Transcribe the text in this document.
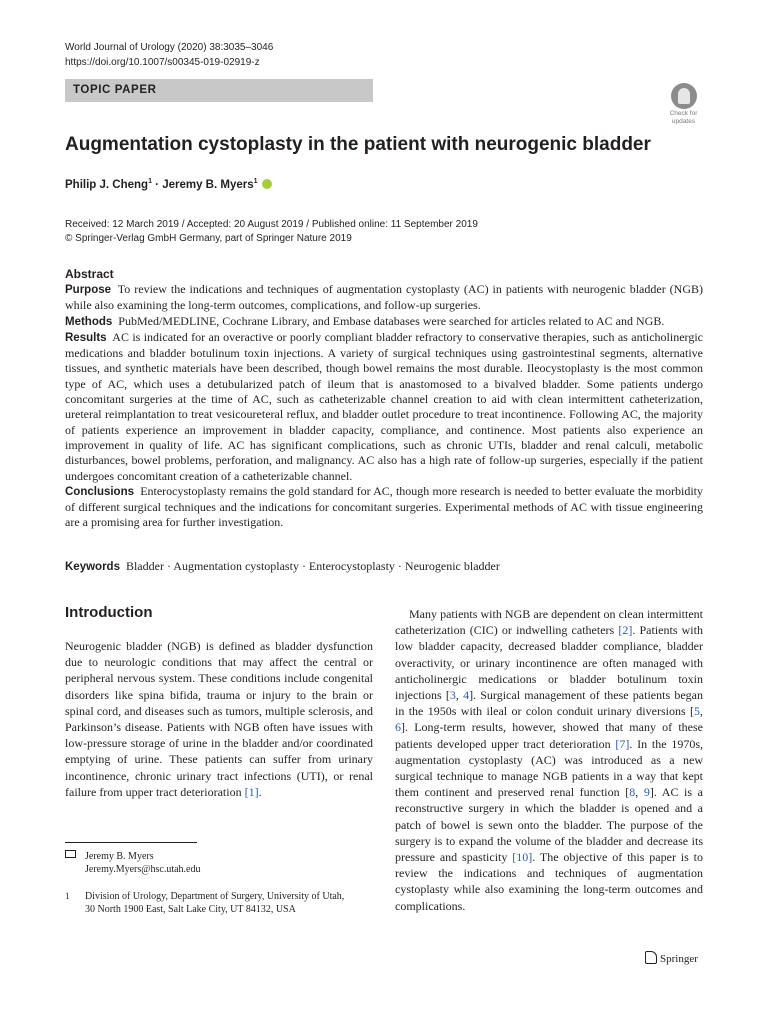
World Journal of Urology (2020) 38:3035–3046
https://doi.org/10.1007/s00345-019-02919-z
TOPIC PAPER
Check for
updates
Augmentation cystoplasty in the patient with neurogenic bladder
Philip J. Cheng$^1$ · Jeremy B. Myers$^1$
Received: 12 March 2019 / Accepted: 20 August 2019 / Published online: 11 September 2019
© Springer-Verlag GmbH Germany, part of Springer Nature 2019
Abstract

Purpose To review the indications and techniques of augmentation cystoplasty (AC) in patients with neurogenic bladder (NGB) while also examining the long-term outcomes, complications, and follow-up surgeries.

Methods PubMed/MEDLINE, Cochrane Library, and Embase databases were searched for articles related to AC and NGB.

Results AC is indicated for an overactive or poorly compliant bladder refractory to conservative therapies, such as anticholinergic medications and bladder botulinum toxin injections. A variety of surgical techniques using gastrointestinal segments, alternative tissues, and synthetic materials have been described, though bowel remains the most durable. Ileocystoplasty is the most common type of AC, which uses a detubularized patch of ileum that is anastomosed to a bivalved bladder. Some patients undergo concomitant surgeries at the time of AC, such as catheterizable channel creation to aid with clean intermittent catheterization, ureteral reimplantation to treat vesicoureteral reflux, and bladder outlet procedure to treat incontinence. Following AC, the majority of patients experience an improvement in bladder capacity, compliance, and continence. Most patients also experience an improvement in quality of life. AC has significant complications, such as chronic UTIs, bladder and renal calculi, metabolic disturbances, bowel problems, perforation, and malignancy. AC also has a high rate of follow-up surgeries, especially if the patient undergoes concomitant creation of a catheterizable channel.

Conclusions Enterocystoplasty remains the gold standard for AC, though more research is needed to better evaluate the morbidity of different surgical techniques and the indications for concomitant surgeries. Experimental methods of AC with tissue engineering are a promising area for further investigation.

Keywords Bladder · Augmentation cystoplasty · Enterocystoplasty · Neurogenic bladder
Introduction

Neurogenic bladder (NGB) is defined as bladder dysfunction due to neurologic conditions that may affect the central or peripheral nervous system. These conditions include congenital disorders like spina bifida, trauma or injury to the brain or spinal cord, and diseases such as tumors, multiple sclerosis, and Parkinson’s disease. Patients with NGB often have issues with low-pressure storage of urine in the bladder and/or coordinated emptying of urine. These patients can suffer from urinary incontinence, chronic urinary tract infections (UTI), or renal failure from upper tract deterioration [1].

Many patients with NGB are dependent on clean intermittent catheterization (CIC) or indwelling catheters [2]. Patients with low bladder capacity, decreased bladder compliance, bladder overactivity, or urinary incontinence are often managed with anticholinergic medications or bladder botulinum toxin injections [3, 4]. Surgical management of these patients began in the 1950s with ileal or colon conduit urinary diversions [5, 6]. Long-term results, however, showed that many of these patients developed upper tract deterioration [7]. In the 1970s, augmentation cystoplasty (AC) was introduced as a new surgical technique to manage NGB patients in a way that kept them continent and preserved renal function [8, 9]. AC is a reconstructive surgery in which the bladder is opened and a patch of bowel is sewn onto the bladder. The purpose of the surgery is to expand the volume of the bladder and decrease its pressure and spasticity [10]. The objective of this paper is to review the indications and techniques of augmentation cystoplasty while also examining the long-term outcomes and complications.

Jeremy B. Myers
Jeremy.Myers@hsc.utah.edu
1 Division of Urology, Department of Surgery, University of Utah, 30 North 1900 East, Salt Lake City, UT 84132, USA
Springer
